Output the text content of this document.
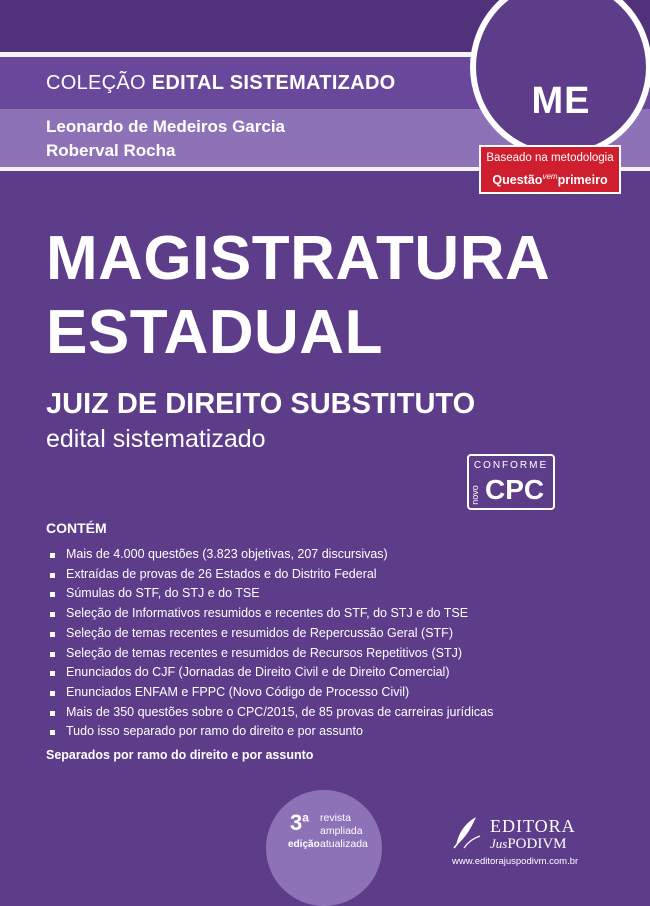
COLEÇÃO EDITAL SISTEMATIZADO
Leonardo de Medeiros Garcia
Roberval Rocha
ME
Baseado na metodologia
Questão$^{vem}$primeiro
MAGISTRATURA
ESTADUAL
JUIZ DE DIREITO SUBSTITUTO
edital sistematizado
CONFORME
novo CPC
CONTÉM
Mais de 4.000 questões (3.823 objetivas, 207 discursivas)
Extraídas de provas de 26 Estados e do Distrito Federal
Súmulas do STF, do STJ e do TSE
Seleção de Informativos resumidos e recentes do STF, do STJ e do TSE
Seleção de temas recentes e resumidos de Repercussão Geral (STF)
Seleção de temas recentes e resumidos de Recursos Repetitivos (STJ)
Enunciados do CJF (Jornadas de Direito Civil e de Direito Comercial)
Enunciados ENFAM e FPPC (Novo Código de Processo Civil)
Mais de 350 questões sobre o CPC/2015, de 85 provas de carreiras jurídicas
Tudo isso separado por ramo do direito e por assunto
Separados por ramo do direito e por assunto
3$^a$
edição
revista
ampliada
atualizada
EDITORA
JusPODIVM
www.editorajuspodivm.com.br
